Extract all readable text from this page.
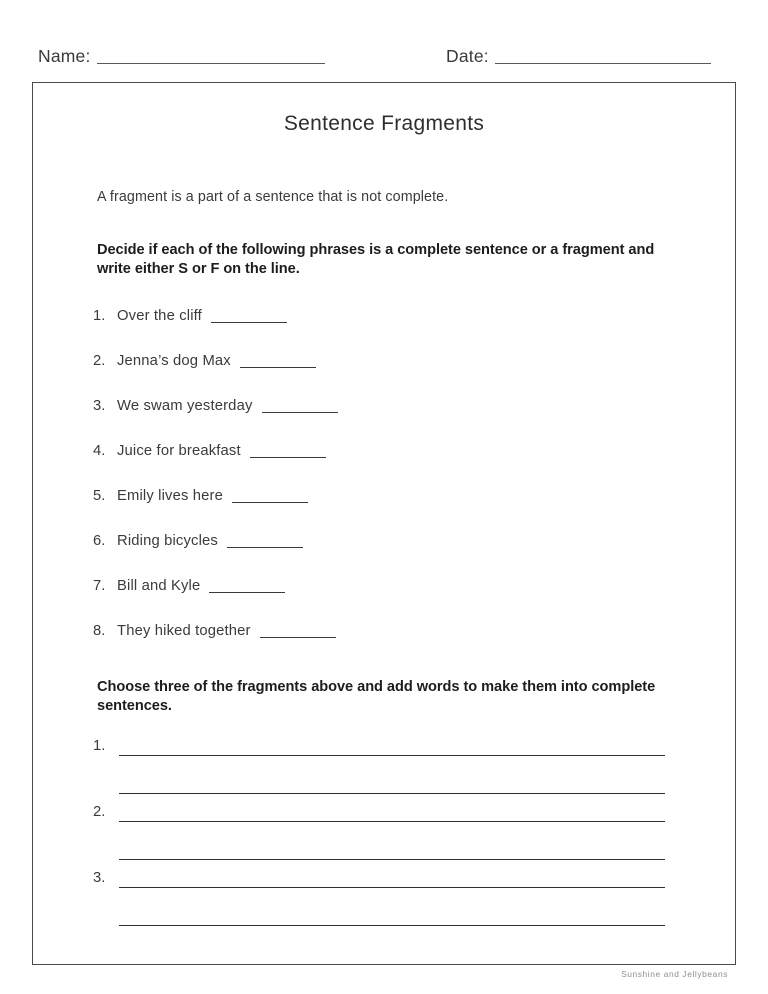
Name:	Date:
Sentence Fragments
A fragment is a part of a sentence that is not complete.
Decide if each of the following phrases is a complete sentence or a fragment and write either S or F on the line.
1. Over the cliff
2. Jenna’s dog Max
3. We swam yesterday
4. Juice for breakfast
5. Emily lives here
6. Riding bicycles
7. Bill and Kyle
8. They hiked together
Choose three of the fragments above and add words to make them into complete sentences.
1.
2.
3.
Sunshine and Jellybeans
